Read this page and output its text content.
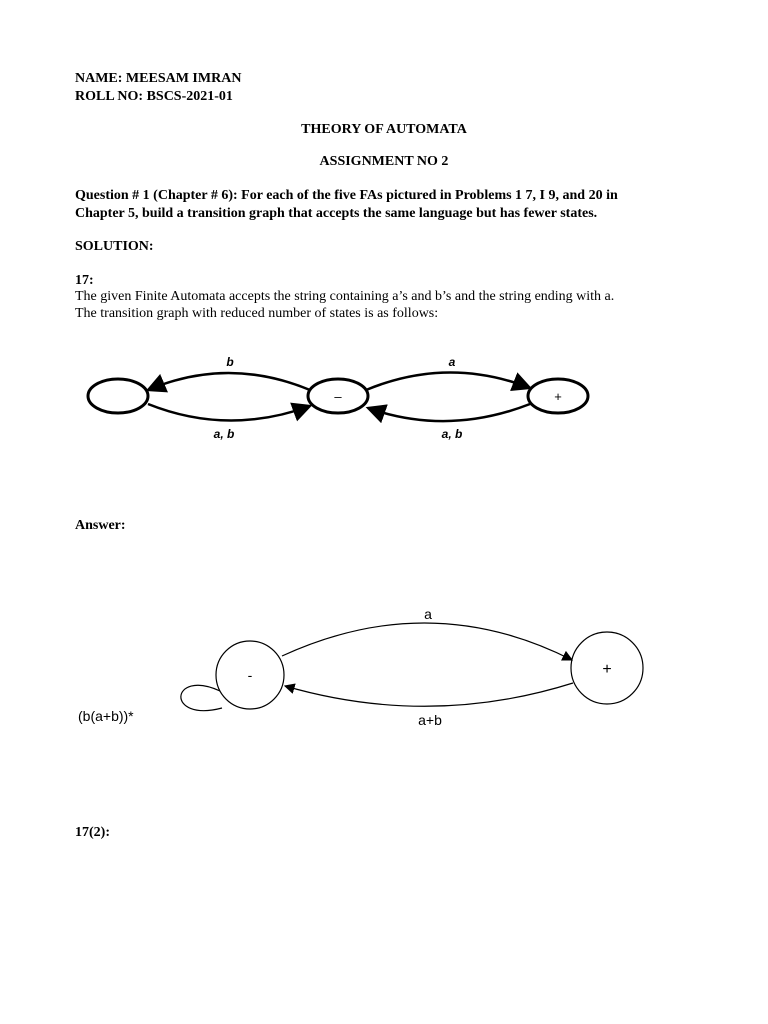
NAME: MEESAM IMRAN
ROLL NO: BSCS-2021-01
THEORY OF AUTOMATA
ASSIGNMENT NO 2
Question # 1 (Chapter # 6): For each of the five FAs pictured in Problems 1 7, I 9, and 20 in
Chapter 5, build a transition graph that accepts the same language but has fewer states.
SOLUTION:
17:
The given Finite Automata accepts the string containing a’s and b’s and the string ending with a.
The transition graph with reduced number of states is as follows:
–	+
b	a
a, b	a, b
Answer:
-	+
a
a+b
(b(a+b))*
17(2):
